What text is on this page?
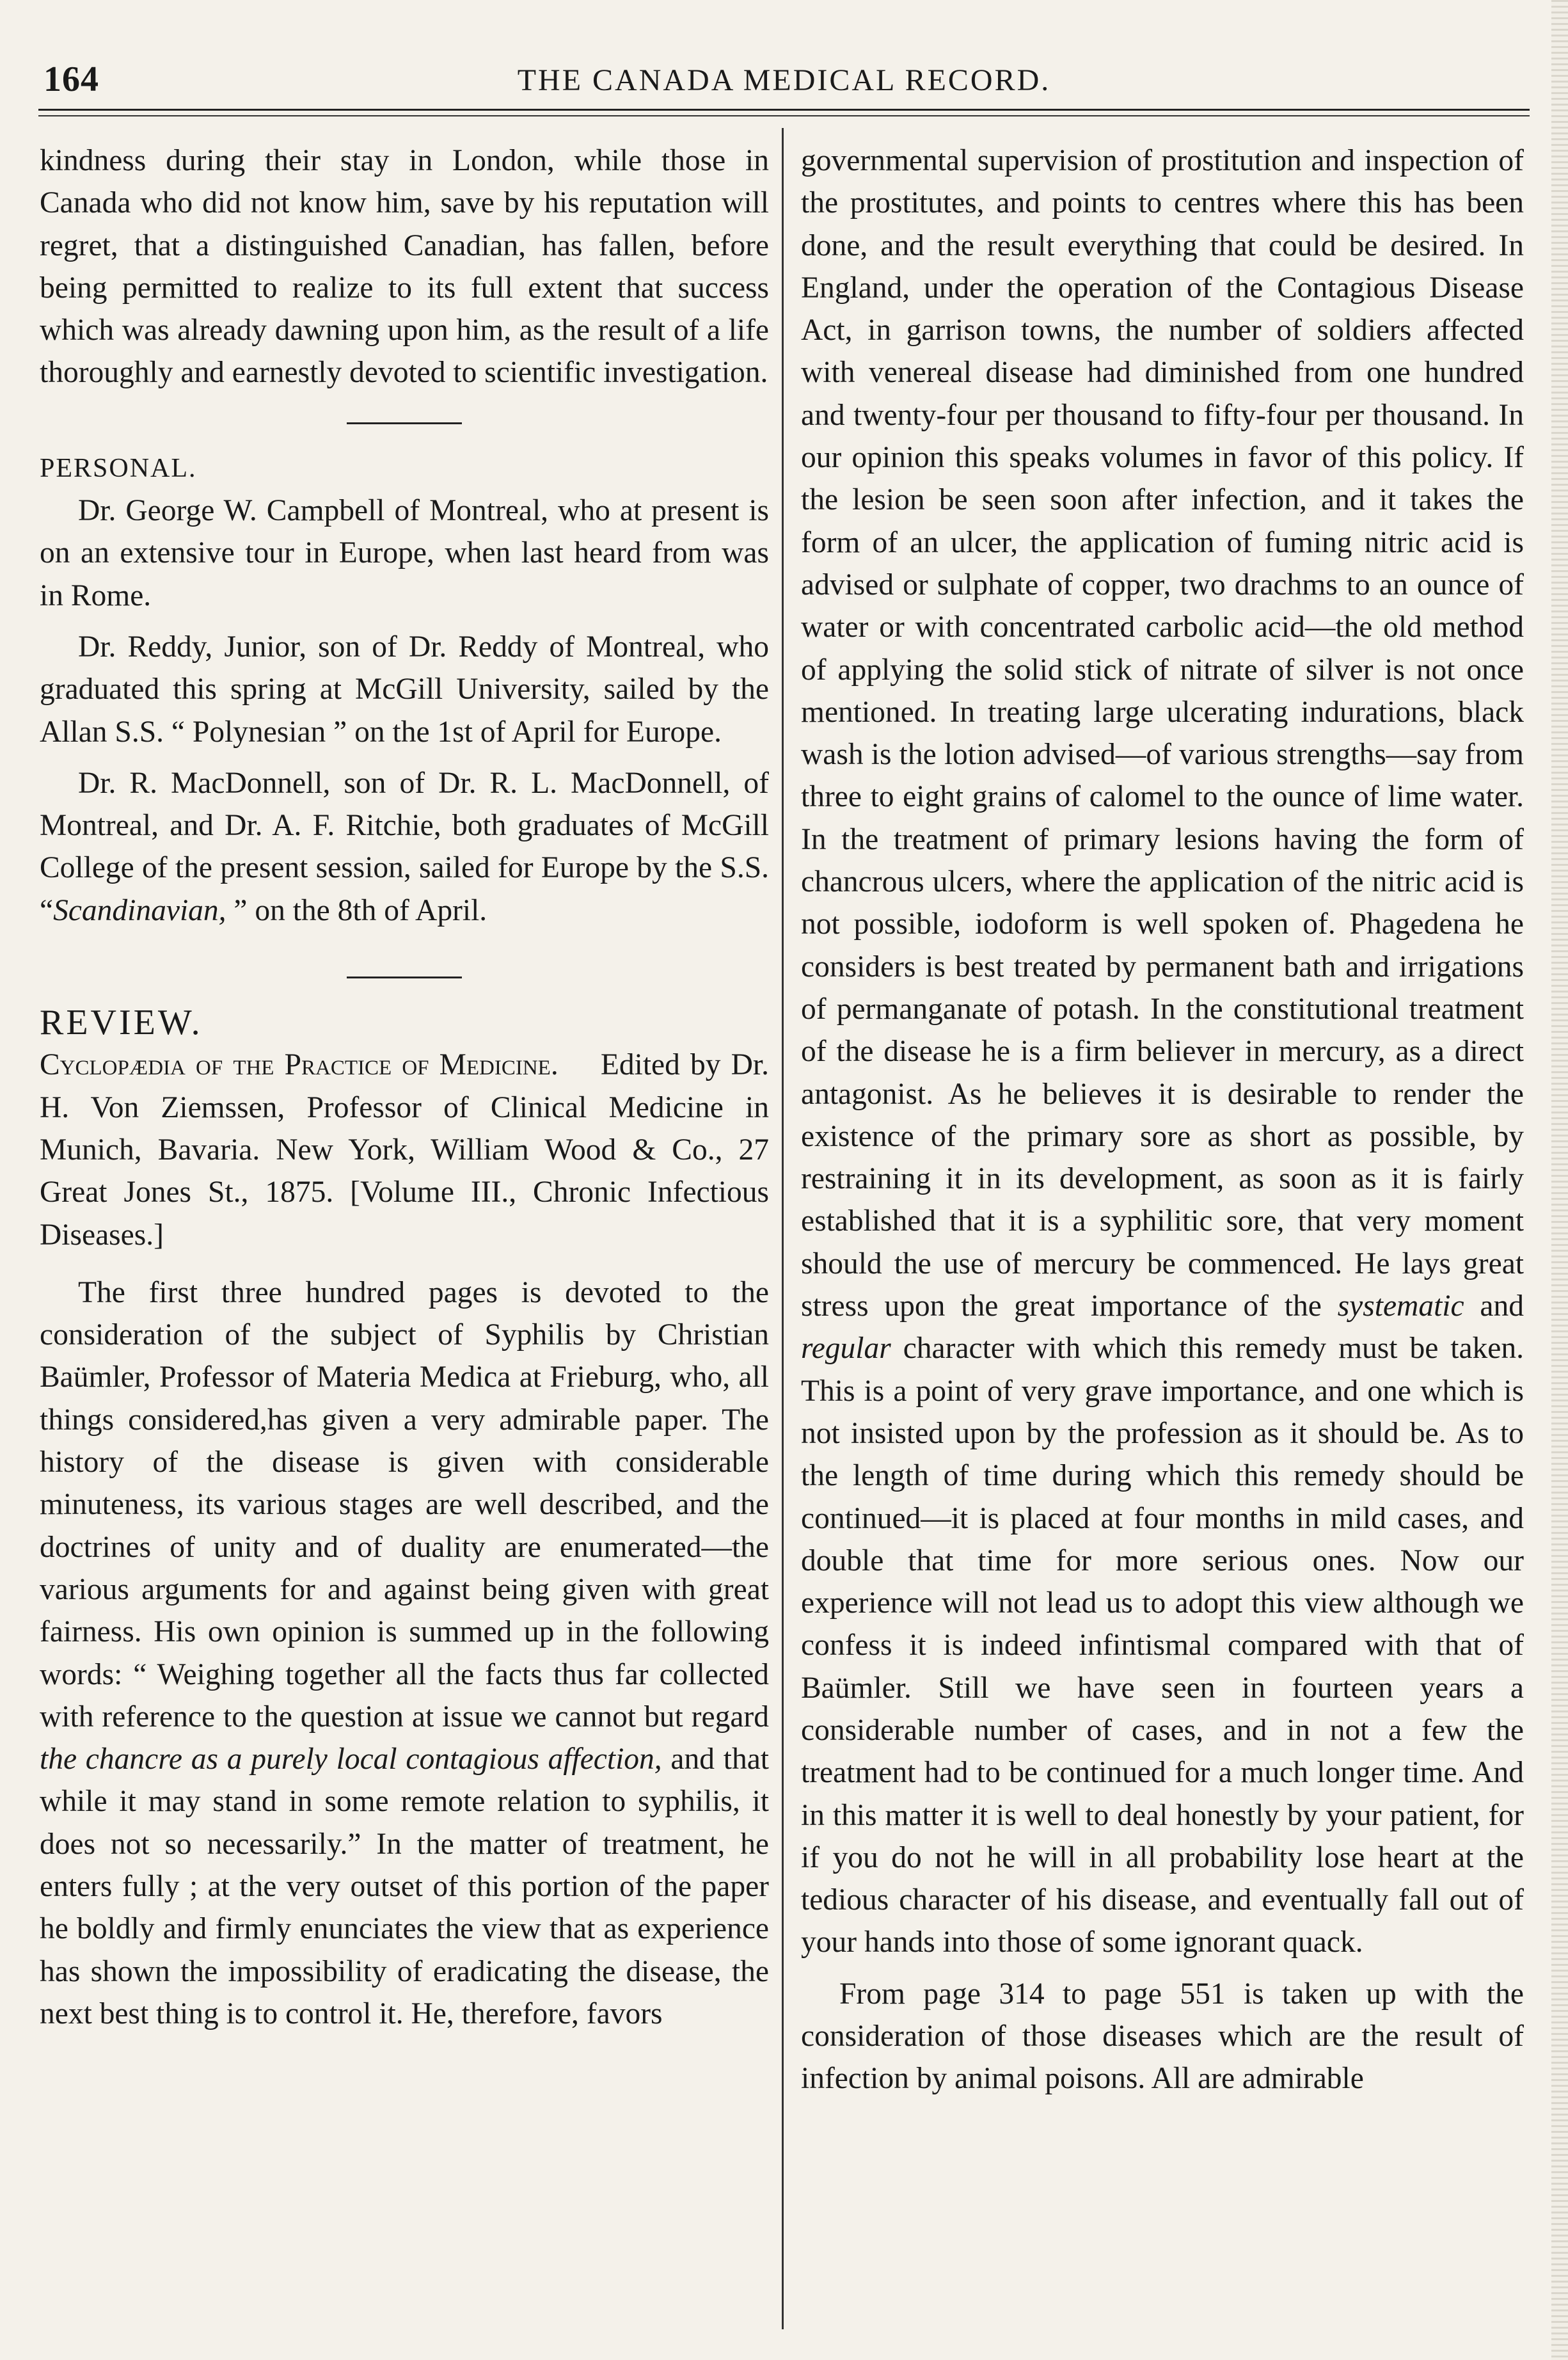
164	THE CANADA MEDICAL RECORD.

kindness during their stay in London, while those in Canada who did not know him, save by his reputation will regret, that a distinguished Canadian, has fallen, before being permitted to realize to its full extent that success which was already dawning upon him, as the result of a life thoroughly and earnestly devoted to scientific investigation.

PERSONAL.

Dr. George W. Campbell of Montreal, who at present is on an extensive tour in Europe, when last heard from was in Rome.

Dr. Reddy, Junior, son of Dr. Reddy of Montreal, who graduated this spring at McGill University, sailed by the Allan S.S. “ Polynesian ” on the 1st of April for Europe.

Dr. R. MacDonnell, son of Dr. R. L. MacDonnell, of Montreal, and Dr. A. F. Ritchie, both graduates of McGill College of the present session, sailed for Europe by the S.S. “Scandinavian, ” on the 8th of April.

REVIEW.

Cyclopædia of the Practice of Medicine. Edited by Dr. H. Von Ziemssen, Professor of Clinical Medicine in Munich, Bavaria. New York, William Wood & Co., 27 Great Jones St., 1875. [Volume III., Chronic Infectious Diseases.]

The first three hundred pages is devoted to the consideration of the subject of Syphilis by Christian Baümler, Professor of Materia Medica at Frieburg, who, all things considered,has given a very admirable paper. The history of the disease is given with considerable minuteness, its various stages are well described, and the doctrines of unity and of duality are enumerated—the various arguments for and against being given with great fairness. His own opinion is summed up in the following words: “ Weighing together all the facts thus far collected with reference to the question at issue we cannot but regard the chancre as a purely local contagious affection, and that while it may stand in some remote relation to syphilis, it does not so necessarily.” In the matter of treatment, he enters fully ; at the very outset of this portion of the paper he boldly and firmly enunciates the view that as experience has shown the impossibility of eradicating the disease, the next best thing is to control it. He, therefore, favors

governmental supervision of prostitution and inspection of the prostitutes, and points to centres where this has been done, and the result everything that could be desired. In England, under the operation of the Contagious Disease Act, in garrison towns, the number of soldiers affected with venereal disease had diminished from one hundred and twenty-four per thousand to fifty-four per thousand. In our opinion this speaks volumes in favor of this policy. If the lesion be seen soon after infection, and it takes the form of an ulcer, the application of fuming nitric acid is advised or sulphate of copper, two drachms to an ounce of water or with concentrated carbolic acid—the old method of applying the solid stick of nitrate of silver is not once mentioned. In treating large ulcerating indurations, black wash is the lotion advised—of various strengths—say from three to eight grains of calomel to the ounce of lime water. In the treatment of primary lesions having the form of chancrous ulcers, where the application of the nitric acid is not possible, iodoform is well spoken of. Phagedena he considers is best treated by permanent bath and irrigations of permanganate of potash. In the constitutional treatment of the disease he is a firm believer in mercury, as a direct antagonist. As he believes it is desirable to render the existence of the primary sore as short as possible, by restraining it in its development, as soon as it is fairly established that it is a syphilitic sore, that very moment should the use of mercury be commenced. He lays great stress upon the great importance of the systematic and regular character with which this remedy must be taken. This is a point of very grave importance, and one which is not insisted upon by the profession as it should be. As to the length of time during which this remedy should be continued—it is placed at four months in mild cases, and double that time for more serious ones. Now our experience will not lead us to adopt this view although we confess it is indeed infintismal compared with that of Baümler. Still we have seen in fourteen years a considerable number of cases, and in not a few the treatment had to be continued for a much longer time. And in this matter it is well to deal honestly by your patient, for if you do not he will in all probability lose heart at the tedious character of his disease, and eventually fall out of your hands into those of some ignorant quack.

From page 314 to page 551 is taken up with the consideration of those diseases which are the result of infection by animal poisons. All are admirable
